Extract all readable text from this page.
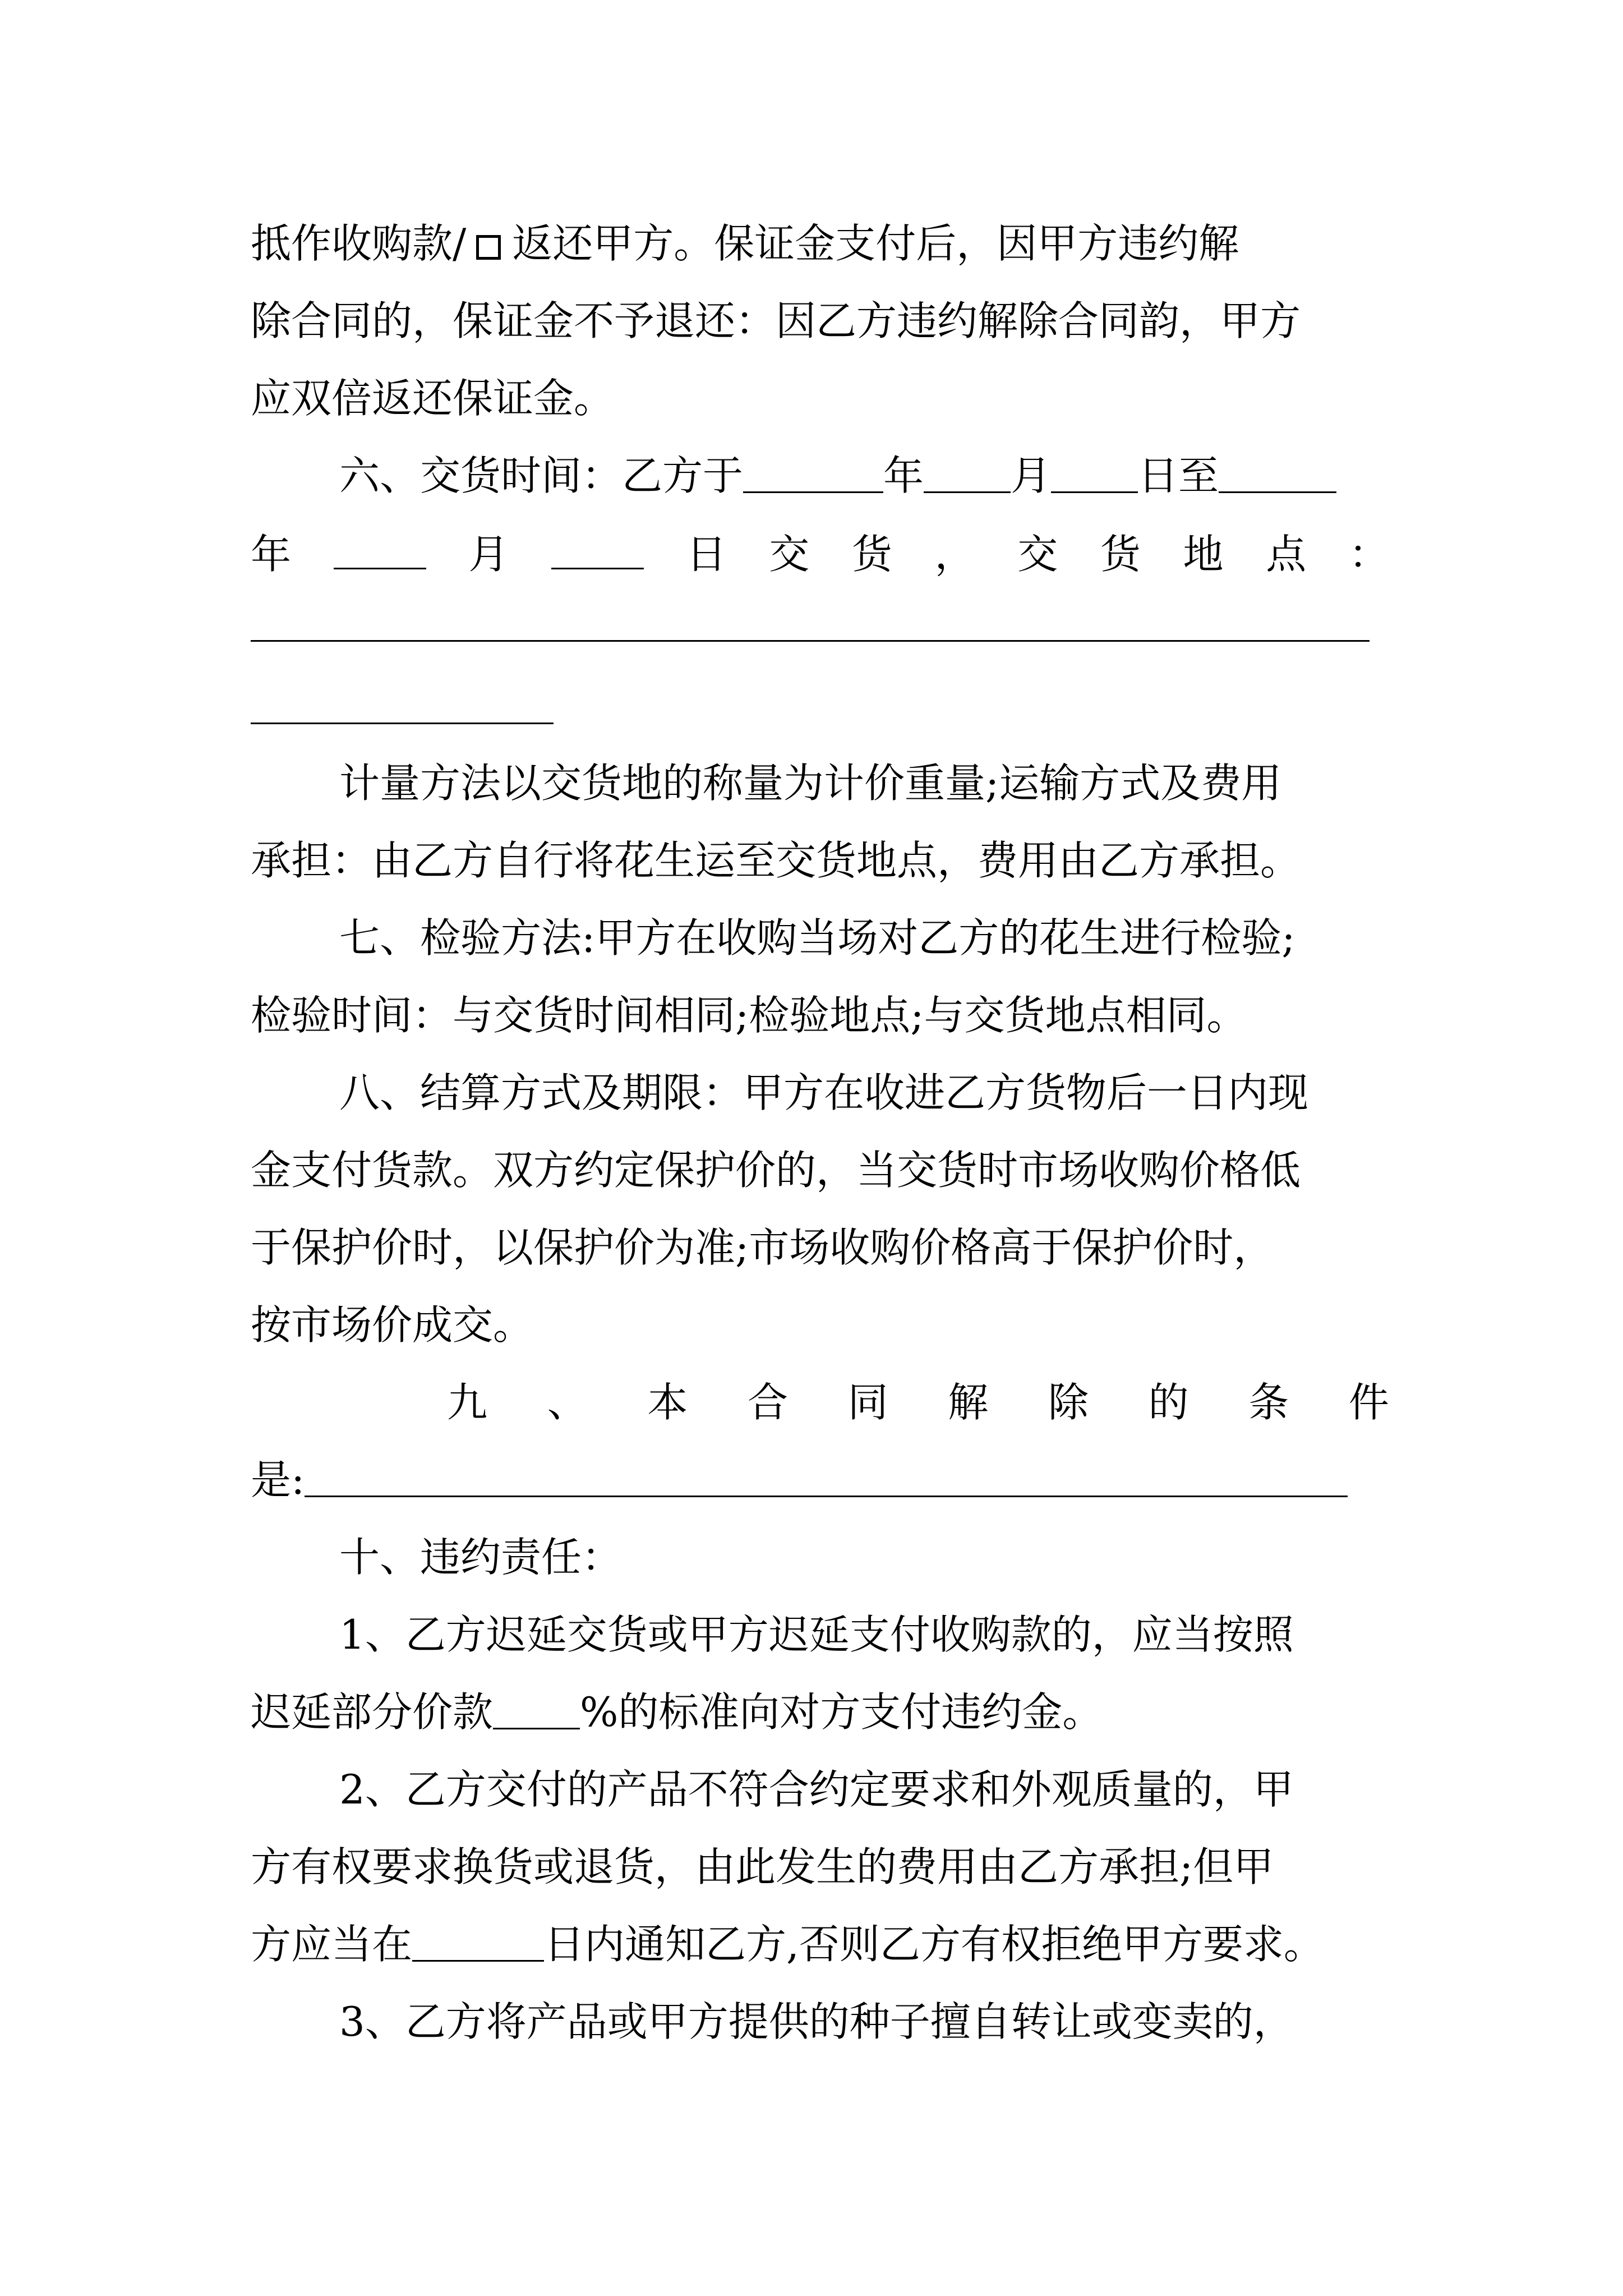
抵作收购款/ 返还甲方。保证金支付后，因甲方违约解
除合同的，保证金不予退还：因乙方违约解除合同韵，甲方
应双倍返还保证金。
六、交货时间：乙方于	年 月 日至
年	月	日 交 货 ， 交 货 地 点 ：
计量方法以交货地的称量为计价重量;运输方式及费用
承担：由乙方自行将花生运至交货地点，费用由乙方承担。
七、检验方法:甲方在收购当场对乙方的花生进行检验;
检验时间：与交货时间相同;检验地点;与交货地点相同。
八、结算方式及期限：甲方在收进乙方货物后一日内现
金支付货款。双方约定保护价的，当交货时市场收购价格低
于保护价时，以保护价为准;市场收购价格高于保护价时，
按市场价成交。
九 、 本 合 同 解 除 的 条 件
是:
十、违约责任：
1、乙方迟延交货或甲方迟延支付收购款的，应当按照
迟延部分价款 %的标准向对方支付违约金。
2、乙方交付的产品不符合约定要求和外观质量的，甲
方有权要求换货或退货，由此发生的费用由乙方承担;但甲
方应当在	日内通知乙方,否则乙方有权拒绝甲方要求。
3、乙方将产品或甲方提供的种子擅自转让或变卖的，
